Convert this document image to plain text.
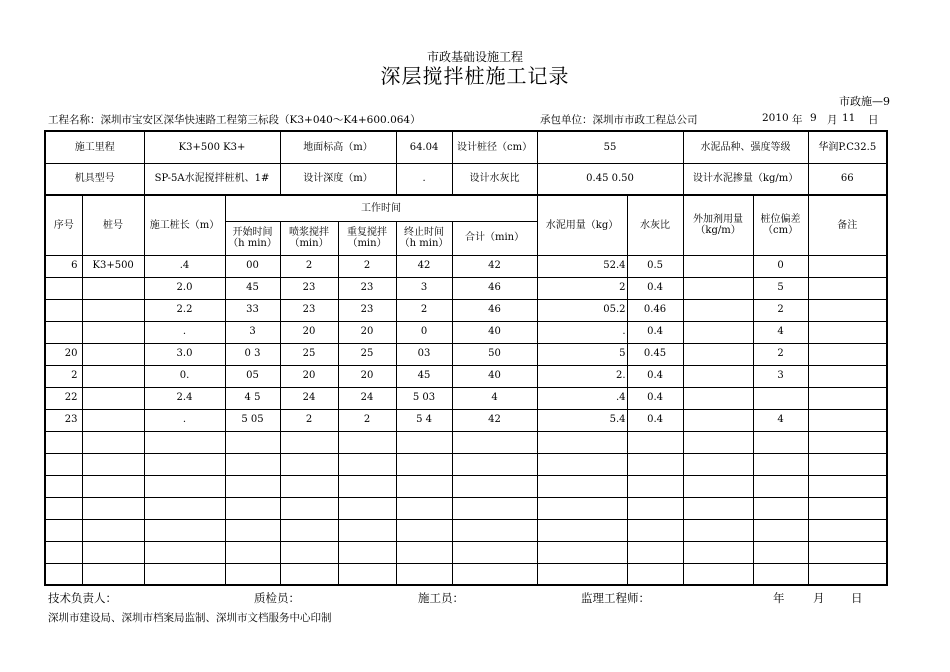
市政基础设施工程
深层搅拌桩施工记录
市政施—9
工程名称：深圳市宝安区深华快速路工程第三标段（K3+040～K4+600.064）	承包单位：深圳市市政工程总公司	2010 年 9 月 11 日
施工里程		K3+500 K3+		地面标高（m）		64.04	设计桩径（cm）	55		水泥品种、强度等级		华润P.C32.5
机具型号		SP-5A水泥搅拌桩机、1#		设计深度（m）		.	设计水灰比	0.45 0.50		设计水泥掺量（kg/m）		66
序号	桩号	施工桩长（m）	工作时间					水泥用量（kg）	水灰比	外加剂用量（kg/m）	桩位偏差（cm）	备注
			开始时间（h min）	喷浆搅拌（min）	重复搅拌（min）	终止时间（h min）	合计（min）					
6	K3+500	.4	00	2	2	42	42	52.4	0.5		0	
		2.0	45	23	23	3	46	2	0.4		5	
		2.2	33	23	23	2	46	05.2	0.46		2	
		.	3	20	20	0	40	.	0.4		4	
20		3.0	0 3	25	25	03	50	5	0.45		2	
2		0.	05	20	20	45	40	2.	0.4		3	
22		2.4	4 5	24	24	5 03	4	.4	0.4			
23		.	5 05	2	2	5 4	42	5.4	0.4		4	

技术负责人：	质检员：	施工员：	监理工程师：	年 月 日
深圳市建设局、深圳市档案局监制、深圳市文档服务中心印制
